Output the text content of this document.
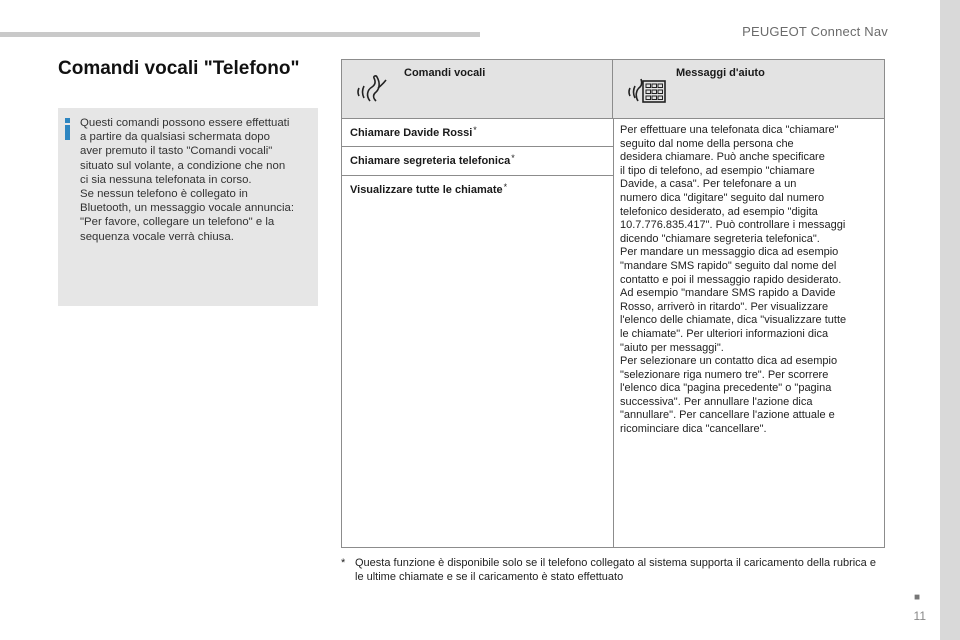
PEUGEOT Connect Nav
Comandi vocali "Telefono"

Questi comandi possono essere effettuati
a partire da qualsiasi schermata dopo
aver premuto il tasto "Comandi vocali"
situato sul volante, a condizione che non
ci sia nessuna telefonata in corso.
Se nessun telefono è collegato in
Bluetooth, un messaggio vocale annuncia:
"Per favore, collegare un telefono" e la
sequenza vocale verrà chiusa.

Comandi vocali	Messaggi d'aiuto
Chiamare Davide Rossi*
Chiamare segreteria telefonica*
Visualizzare tutte le chiamate*

Per effettuare una telefonata dica "chiamare"
seguito dal nome della persona che
desidera chiamare. Può anche specificare
il tipo di telefono, ad esempio "chiamare
Davide, a casa". Per telefonare a un
numero dica "digitare" seguito dal numero
telefonico desiderato, ad esempio "digita
10.7.776.835.417". Può controllare i messaggi
dicendo "chiamare segreteria telefonica".
Per mandare un messaggio dica ad esempio
"mandare SMS rapido" seguito dal nome del
contatto e poi il messaggio rapido desiderato.
Ad esempio "mandare SMS rapido a Davide
Rosso, arriverò in ritardo". Per visualizzare
l'elenco delle chiamate, dica "visualizzare tutte
le chiamate". Per ulteriori informazioni dica
"aiuto per messaggi".
Per selezionare un contatto dica ad esempio
"selezionare riga numero tre". Per scorrere
l'elenco dica "pagina precedente" o "pagina
successiva". Per annullare l'azione dica
"annullare". Per cancellare l'azione attuale e
ricominciare dica "cancellare".

* Questa funzione è disponibile solo se il telefono collegato al sistema supporta il caricamento della rubrica e le ultime chiamate e se il caricamento è stato effettuato
■
11
